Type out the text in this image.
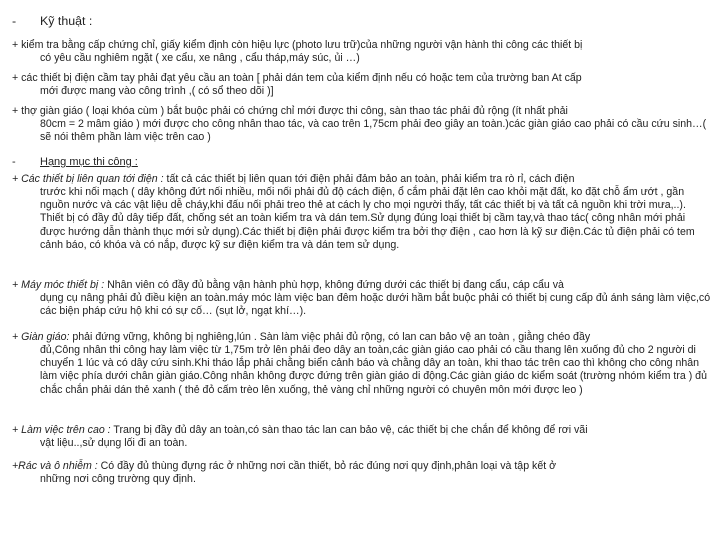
- Kỹ thuật :
+ kiểm tra bằng cấp chứng chỉ, giấy kiểm định còn hiệu lực (photo lưu trữ)của những người vận hành thi công các thiết bị
có yêu cầu nghiêm ngặt ( xe cẩu, xe nâng , cẩu tháp,máy súc, ủi …)
+ các thiết bị điện cầm tay phải đạt yêu cầu an toàn [ phải dán tem của kiểm định nếu có hoặc tem của trường ban At cấp
mới được mang vào công trình ,( có sổ theo dõi )]
+ thợ giàn giáo ( loại khóa cùm ) bắt buộc phải có chứng chỉ mới được thi công, sàn thao tác phải đủ rộng (ít nhất phải
80cm = 2 mâm giáo ) mới được cho công nhân thao tác, và cao trên 1,75cm phải đeo giây an toàn.)các giàn giáo cao phải có cầu cứu sinh…( sẽ nói thêm phần làm việc trên cao )
- Hạng mục thi công :
+ Các thiết bị liên quan tới điện : tất cả các thiết bị liên quan tới điện phải đảm bảo an toàn, phải kiểm tra rò rỉ, cách điện
trước khi nối mạch ( dây không đứt nối nhiều, mối nối phải đủ độ cách điện, ổ cắm phải đặt lên cao khỏi mặt đất, ko đặt chỗ ẩm ướt , gần nguồn nước và các vật liệu dễ cháy,khi đấu nối phải treo thẻ at cách ly cho mọi người thấy, tất các thiết bị và tất cả nguồn khi trời mưa,..). Thiết bị có đầy đủ dây tiếp đất, chống sét an toàn kiểm tra và dán tem.Sử dụng đúng loại thiết bị cầm tay,và thao tác( công nhân mới phải được hướng dẫn thành thục mới sử dụng).Các thiết bị điện phải được kiểm tra bởi thợ điện , cao hơn là kỹ sư điện.Các tủ điện phải có tem cảnh báo, có khóa và có nắp, được kỹ sư điện kiểm tra và dán tem sử dụng.
+ Máy móc thiết bị : Nhân viên có đầy đủ bằng vận hành phù hợp, không đứng dưới các thiết bị đang cẩu, cáp cẩu và
dụng cụ nâng phải đủ điều kiện an toàn.máy móc làm việc ban đêm hoặc dưới hầm bắt buộc phải có thiết bị cung cấp đủ ánh sáng làm việc,có các biện pháp cứu hộ khi có sự cố… (sụt lở, ngạt khí…).
+ Giàn giáo: phải đứng vững, không bị nghiêng,lún . Sàn làm việc phải đủ rộng, có lan can bảo vệ an toàn , giằng chéo đầy
đủ,Công nhân thi công hay làm việc từ 1,75m trở lên phải đeo dây an toàn,các giàn giáo cao phải có cầu thang lên xuống đủ cho 2 người di chuyển 1 lúc và có dây cứu sinh.Khi tháo lắp phải chằng biển cảnh báo và chằng dây an toàn, khi thao tác trên cao thì không cho công nhân làm việc phía dưới chân giàn giáo.Công nhân không được đứng trên giàn giáo di động.Các giàn giáo dc kiểm soát (trường nhóm kiểm tra ) đủ chắc chắn phải dán thẻ xanh ( thẻ đỏ cấm trèo lên xuống, thẻ vàng chỉ những người có chuyên môn mới được leo )
+ Làm việc trên cao : Trang bị đầy đủ dây an toàn,có sàn thao tác lan can bảo vệ, các thiết bị che chắn để không để rơi vãi
vật liệu..,sử dụng lối đi an toàn.
+Rác và ô nhiễm : Có đầy đủ thùng đựng rác ở những nơi cần thiết, bỏ rác đúng nơi quy định,phân loại và tập kết ở
những nơi công trường quy định.
